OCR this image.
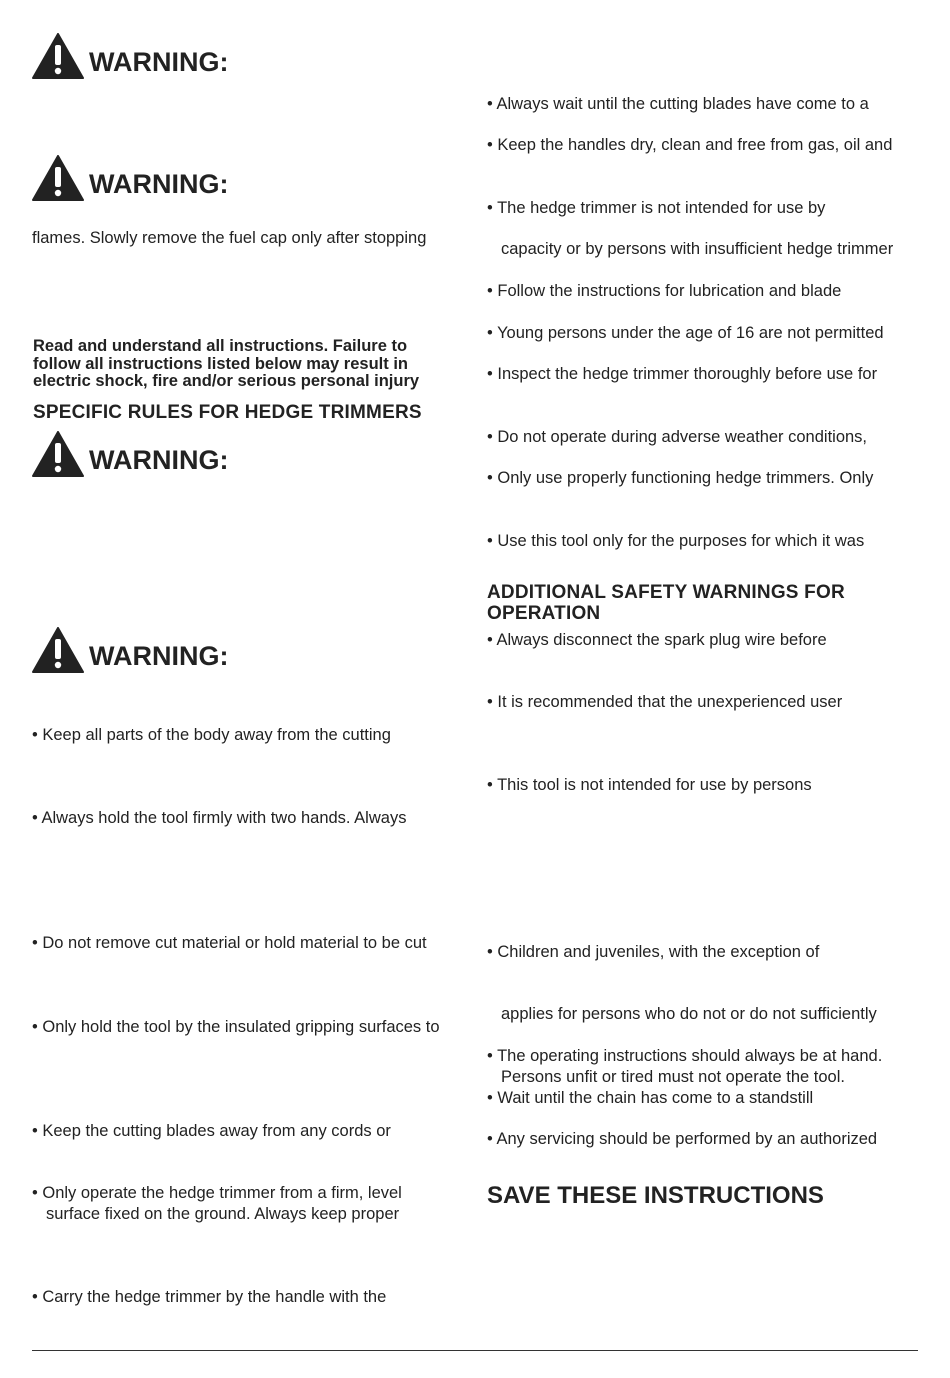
WARNING:
WARNING:
flames. Slowly remove the fuel cap only after stopping
Read and understand all instructions. Failure to
follow all instructions listed below may result in
electric shock, fire and/or serious personal injury
SPECIFIC RULES FOR HEDGE TRIMMERS
WARNING:
WARNING:
• Keep all parts of the body away from the cutting
• Always hold the tool firmly with two hands. Always
• Do not remove cut material or hold material to be cut
• Only hold the tool by the insulated gripping surfaces to
• Keep the cutting blades away from any cords or
• Only operate the hedge trimmer from a firm, level
surface fixed on the ground. Always keep proper
• Carry the hedge trimmer by the handle with the
• Always wait until the cutting blades have come to a
• Keep the handles dry, clean and free from gas, oil and
• The hedge trimmer is not intended for use by
capacity or by persons with insufficient hedge trimmer
• Follow the instructions for lubrication and blade
• Young persons under the age of 16 are not permitted
• Inspect the hedge trimmer thoroughly before use for
• Do not operate during adverse weather conditions,
• Only use properly functioning hedge trimmers. Only
• Use this tool only for the purposes for which it was
ADDITIONAL SAFETY WARNINGS FOR
OPERATION
• Always disconnect the spark plug wire before
• It is recommended that the unexperienced user
• This tool is not intended for use by persons
• Children and juveniles, with the exception of
applies for persons who do not or do not sufficiently
• The operating instructions should always be at hand.
Persons unfit or tired must not operate the tool.
• Wait until the chain has come to a standstill
• Any servicing should be performed by an authorized
SAVE THESE INSTRUCTIONS
